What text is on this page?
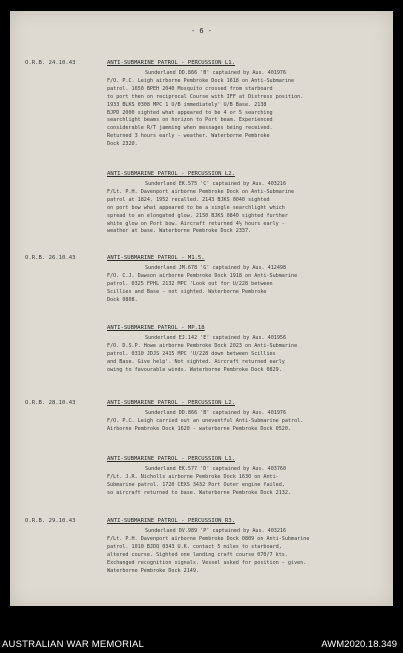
- 6 -
O.R.B. 24.10.43	ANTI-SUBMARINE PATROL - PERCUSSION L1.
Sunderland DD.866 'B' captained by Aus. 401976
F/O. P.C. Leigh airborne Pembroke Dock 1618 on Anti-Submarine
patrol. 1650 BPEH 2040 Mosquito crossed from starboard
to port then on reciprocal Course with IFF at Distress position.
1933 BLKS 0308 MPC 1 U/B immediately' U/B Base. 2138
BJPD 2000 sighted what appeared to be 4 or 5 searching
searchlight beams on horizon to Port beam. Experienced
considerable R/T jamming when messages being received.
Returned 3 hours early - weather. Waterborne Pembroke
Dock 2320.
ANTI-SUBMARINE PATROL - PERCUSSION L2.
Sunderland EK.575 'C' captained by Aus. 403216
F/Lt. P.H. Davenport airborne Pembroke Dock on Anti-Submarine
patrol at 1824. 1952 recalled. 2143 BJKS 0040 sighted
on port bow what appeared to be a single searchlight which
spread to an elongated glow. 2150 BJKS 0840 sighted further
white glow on Port bow. Aircraft returned 4½ hours early -
weather at base. Waterborne Pembroke Dock 2337.
O.R.B. 26.10.43	ANTI-SUBMARINE PATROL - M1.5.
Sunderland JM.678 'G' captained by Aus. 412498
F/O. C.J. Dawson airborne Pembroke Dock 1918 on Anti-Submarine
patrol. 0325 FPHL 2132 MPC 'Look out for U/228 between
Scillies and Base - not sighted. Waterborne Pembroke
Dock 0808.
ANTI-SUBMARINE PATROL - MP.18
Sunderland EJ.142 'E' captained by Aus. 401956
F/O. D.S.P. Howe airborne Pembroke Dock 2023 on Anti-Submarine
patrol. 0310 JDJS 2415 MPC 'U/228 down between Scillies
and Base. Give help'. Not sighted. Aircraft returned early
owing to favourable winds. Waterborne Pembroke Dock 0829.
O.R.B. 28.10.43	ANTI-SUBMARINE PATROL - PERCUSSION L2.
Sunderland DD.866 'B' captained by Aus. 401976
F/O. P.C. Leigh carried out an uneventful Anti-Submarine patrol.
Airborne Pembroke Dock 1620 - waterborne Pembroke Dock 0520.
ANTI-SUBMARINE PATROL - PERCUSSION L1.
Sunderland EK.577 'D' captained by Aus. 403760
F/Lt. J.R. Nicholls airborne Pembroke Dock 1630 on Anti-
Submarine patrol. 1720 CEXS 3432 Port Outer engine failed,
so aircraft returned to base. Waterborne Pembroke Dock 2132.
O.R.B. 29.10.43	ANTI-SUBMARINE PATROL - PERCUSSION R3.
Sunderland DV.989 'P' captained by Aus. 403216
F/Lt. P.H. Davenport airborne Pembroke Dock 0809 on Anti-Submarine
patrol. 1010 BJDQ 0343 U.K. contact 5 miles to starboard,
altered course. Sighted one landing craft course 070/7 kts.
Exchanged recognition signals. Vessel asked for position - given.
Waterborne Pembroke Dock 2149.
AUSTRALIAN WAR MEMORIAL	AWM2020.18.349
